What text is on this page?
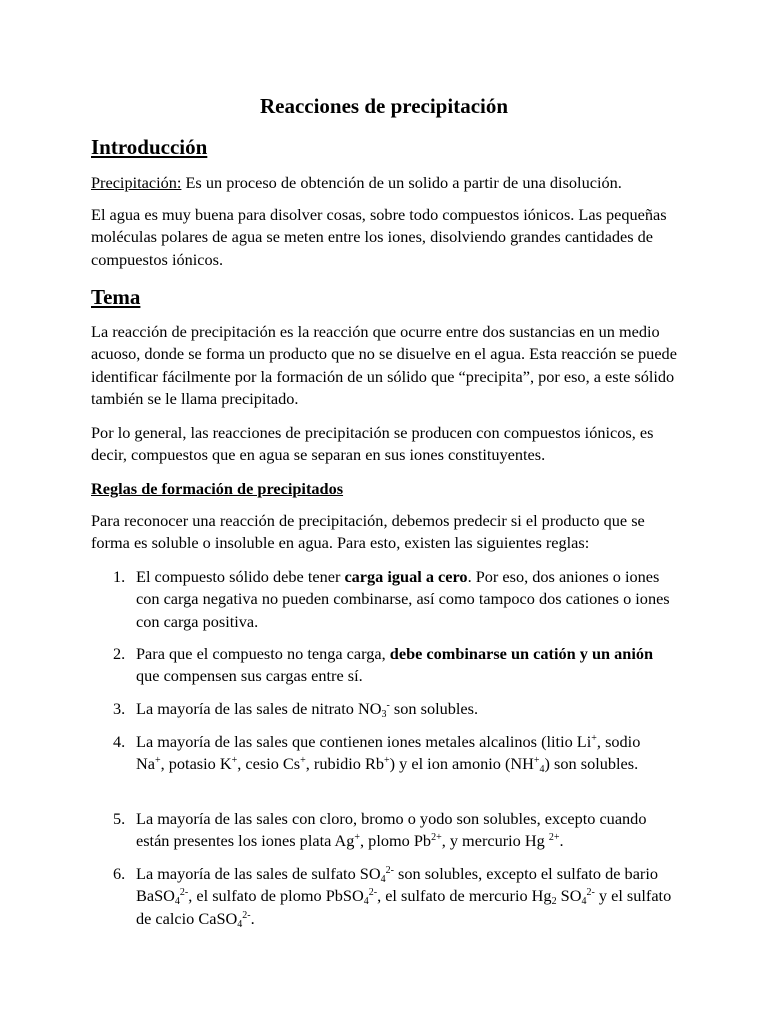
Reacciones de precipitación
Introducción
Precipitación: Es un proceso de obtención de un solido a partir de una disolución.
El agua es muy buena para disolver cosas, sobre todo compuestos iónicos. Las pequeñas moléculas polares de agua se meten entre los iones, disolviendo grandes cantidades de compuestos iónicos.
Tema
La reacción de precipitación es la reacción que ocurre entre dos sustancias en un medio acuoso, donde se forma un producto que no se disuelve en el agua. Esta reacción se puede identificar fácilmente por la formación de un sólido que “precipita”, por eso, a este sólido también se le llama precipitado.
Por lo general, las reacciones de precipitación se producen con compuestos iónicos, es decir, compuestos que en agua se separan en sus iones constituyentes.
Reglas de formación de precipitados
Para reconocer una reacción de precipitación, debemos predecir si el producto que se forma es soluble o insoluble en agua. Para esto, existen las siguientes reglas:
1. El compuesto sólido debe tener carga igual a cero. Por eso, dos aniones o iones con carga negativa no pueden combinarse, así como tampoco dos cationes o iones con carga positiva.
2. Para que el compuesto no tenga carga, debe combinarse un catión y un anión que compensen sus cargas entre sí.
3. La mayoría de las sales de nitrato $NO_3^-$ son solubles.
4. La mayoría de las sales que contienen iones metales alcalinos (litio Li+, sodio Na+, potasio K+, cesio Cs+, rubidio Rb+) y el ion amonio $(NH^+_4)$ son solubles.
5. La mayoría de las sales con cloro, bromo o yodo son solubles, excepto cuando están presentes los iones plata Ag+, plomo $Pb^{2+}$, y mercurio Hg $^{2+}$.
6. La mayoría de las sales de sulfato $SO_4^{2-}$ son solubles, excepto el sulfato de bario BaSO$_4^{2-}$, el sulfato de plomo PbSO$_4^{2-}$, el sulfato de mercurio $Hg_2$ $SO_4^{2-}$ y el sulfato de calcio CaSO$_4^{2-}$.
